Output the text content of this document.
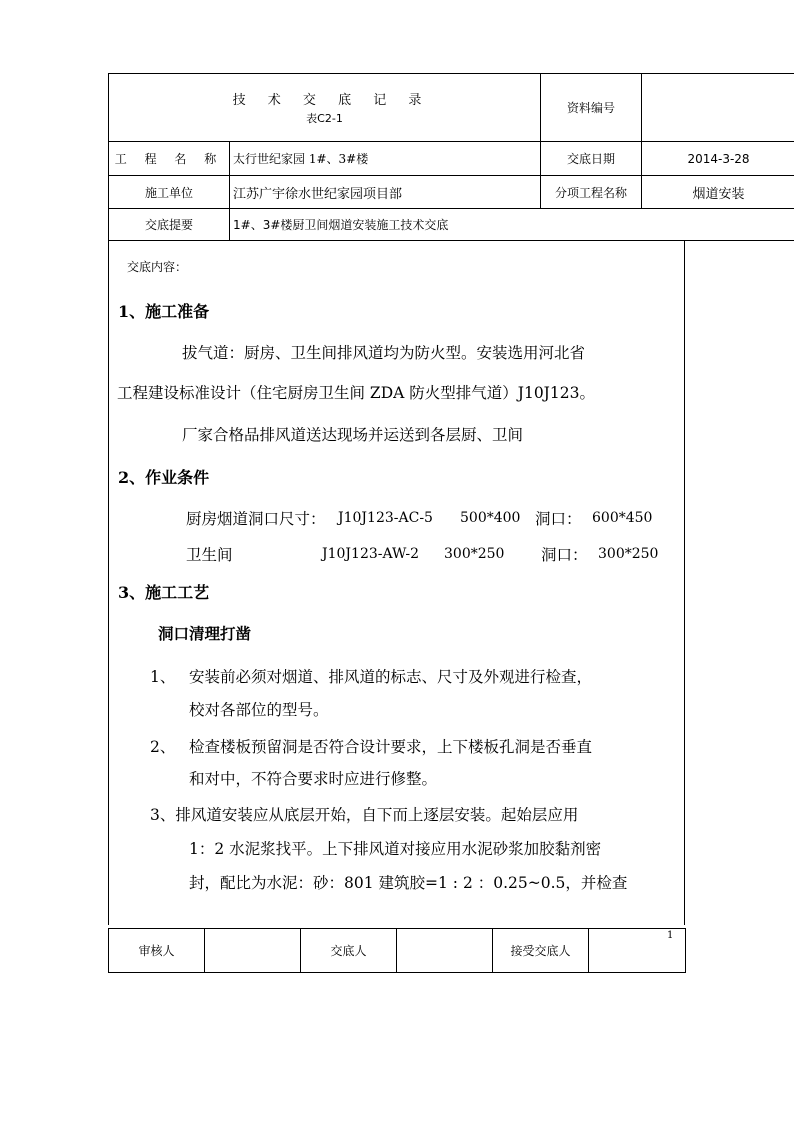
技 术 交 底 记 录
表C2-1		资料编号	
工 程 名 称	太行世纪家园 1#、3#楼	交底日期	2014-3-28
施工单位	江苏广宇徐水世纪家园项目部	分项工程名称	烟道安装
交底提要	1#、3#楼厨卫间烟道安装施工技术交底		
交底内容：
1、施工准备
拔气道：厨房、卫生间排风道均为防火型。安装选用河北省
工程建设标准设计（住宅厨房卫生间 ZDA 防火型排气道）J10J123。
厂家合格品排风道送达现场并运送到各层厨、卫间
2、作业条件
厨房烟道洞口尺寸： J10J123-AC-5 500*400 洞口： 600*450
卫生间	J10J123-AW-2 300*250 洞口： 300*250
3、施工工艺
洞口清理打凿
1、 安装前必须对烟道、排风道的标志、尺寸及外观进行检查，
校对各部位的型号。
2、 检查楼板预留洞是否符合设计要求，上下楼板孔洞是否垂直
和对中，不符合要求时应进行修整。
3、排风道安装应从底层开始，自下而上逐层安装。起始层应用
1：2 水泥浆找平。上下排风道对接应用水泥砂浆加胶黏剂密
封，配比为水泥：砂：801 建筑胶=1 : 2 ：0.25~0.5，并检查
1
审核人		交底人		接受交底人	
